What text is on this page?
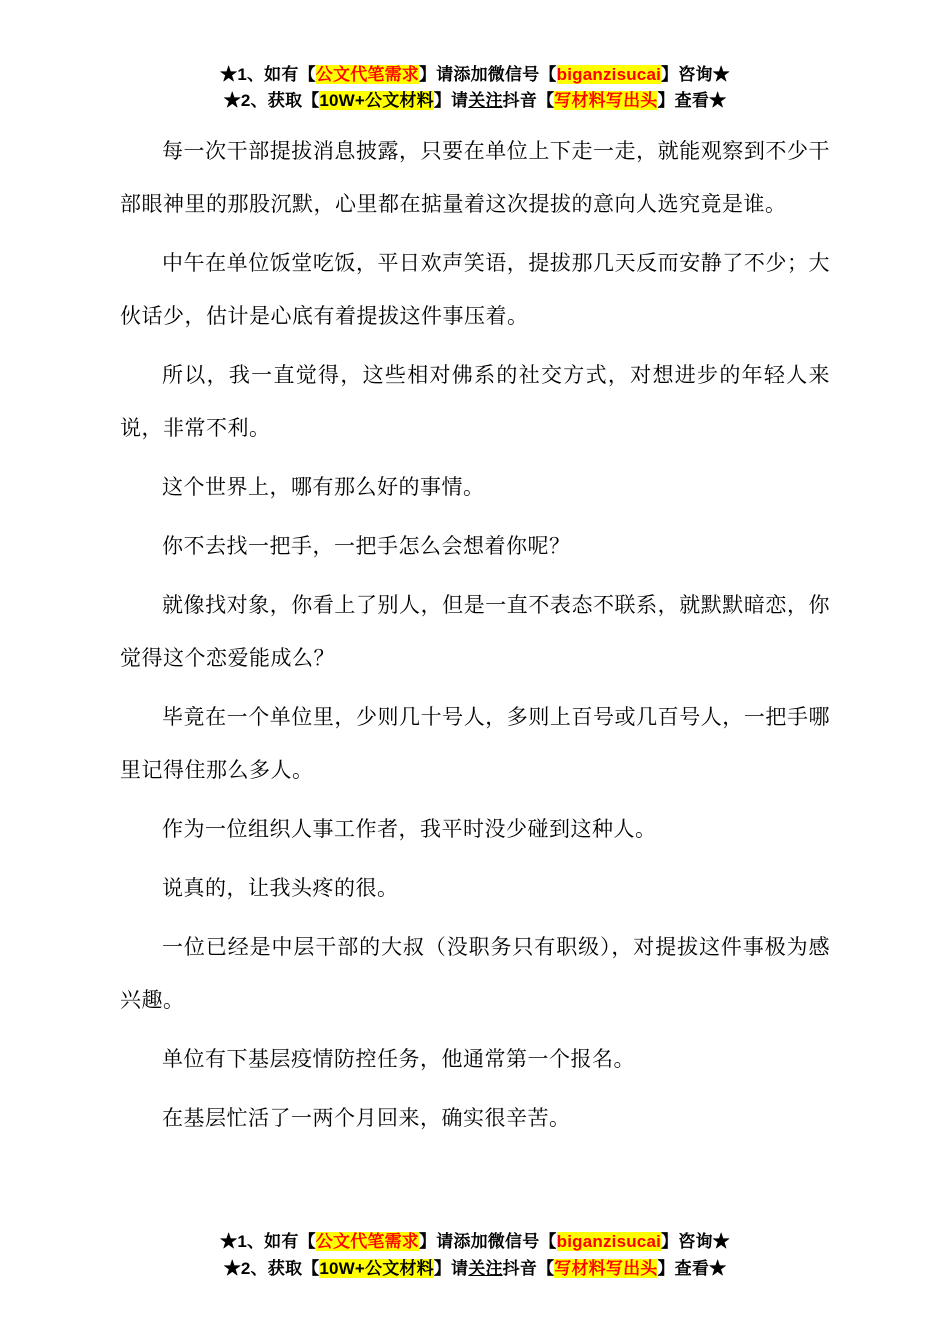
★1、如有【公文代笔需求】请添加微信号【biganzisucai】咨询★
★2、获取【10W+公文材料】请关注抖音【写材料写出头】查看★

每一次干部提拔消息披露，只要在单位上下走一走，就能观察到不少干部眼神里的那股沉默，心里都在掂量着这次提拔的意向人选究竟是谁。

中午在单位饭堂吃饭，平日欢声笑语，提拔那几天反而安静了不少；大伙话少，估计是心底有着提拔这件事压着。

所以，我一直觉得，这些相对佛系的社交方式，对想进步的年轻人来说，非常不利。

这个世界上，哪有那么好的事情。

你不去找一把手，一把手怎么会想着你呢？

就像找对象，你看上了别人，但是一直不表态不联系，就默默暗恋，你觉得这个恋爱能成么？

毕竟在一个单位里，少则几十号人，多则上百号或几百号人，一把手哪里记得住那么多人。

作为一位组织人事工作者，我平时没少碰到这种人。

说真的，让我头疼的很。

一位已经是中层干部的大叔（没职务只有职级），对提拔这件事极为感兴趣。

单位有下基层疫情防控任务，他通常第一个报名。

在基层忙活了一两个月回来，确实很辛苦。

★1、如有【公文代笔需求】请添加微信号【biganzisucai】咨询★
★2、获取【10W+公文材料】请关注抖音【写材料写出头】查看★
